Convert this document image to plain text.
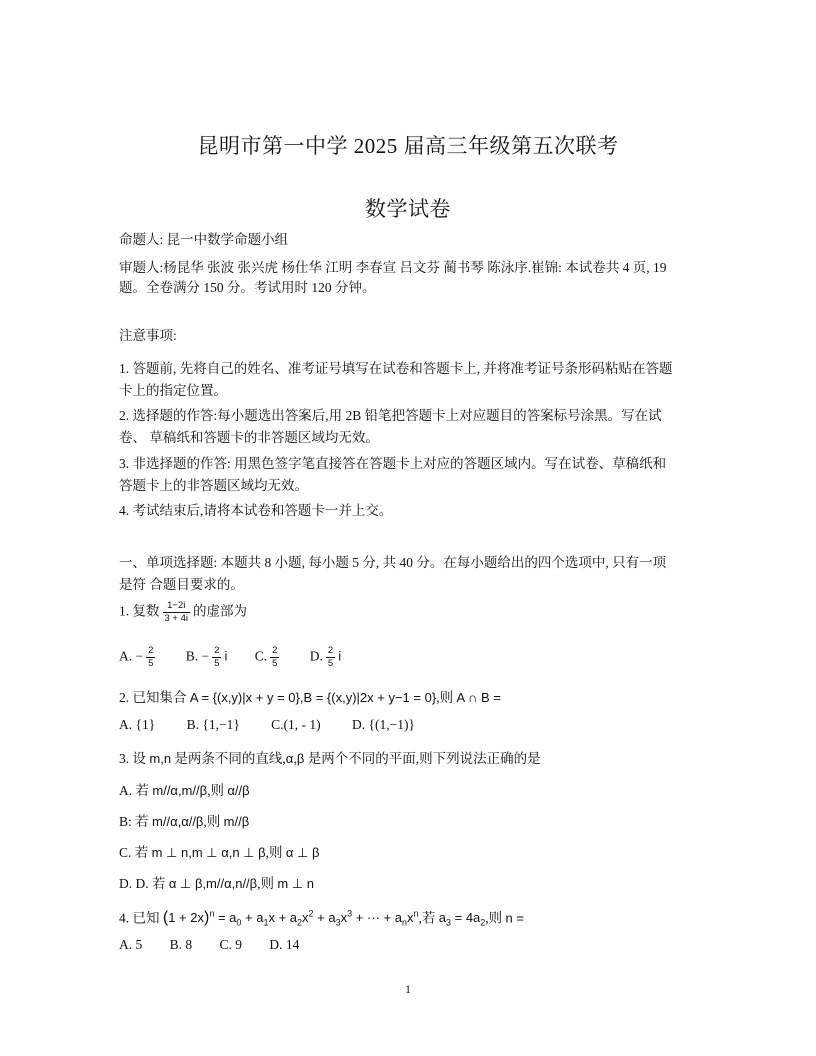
昆明市第一中学 2025 届高三年级第五次联考
数学试卷
命题人: 昆一中数学命题小组
审题人:杨昆华 张波 张兴虎 杨仕华 江明 李春宣 吕文芬 蔺书琴 陈泳序.崔锦: 本试卷共 4 页, 19
题。全卷满分 150 分。考试用时 120 分钟。
注意事项:
1. 答题前, 先将自己的姓名、准考证号填写在试卷和答题卡上, 并将准考证号条形码粘贴在答题
卡上的指定位置。
2. 选择题的作答:每小题选出答案后,用 2B 铅笔把答题卡上对应题目的答案标号涂黑。写在试
卷、 草稿纸和答题卡的非答题区域均无效。
3. 非选择题的作答: 用黑色签字笔直接答在答题卡上对应的答题区域内。写在试卷、草稿纸和
答题卡上的非答题区域均无效。
4. 考试结束后,请将本试卷和答题卡一并上交。
一、单项选择题: 本题共 8 小题, 每小题 5 分, 共 40 分。在每小题给出的四个选项中, 只有一项
是符 合题目要求的。
1. 复数 $\frac{1-2i}{3 + 4i}$ 的虚部为
A. − $\frac{2}{5} B$. − $\frac{2}{5}$ i C. $\frac{2}{5} D$. $\frac{2}{5}$ i
2. 已知集合 A = {(x,y)|x + y = 0},B = {(x,y)|2x + y−1 = 0},则 A ∩ B =
A. {1} B. {1,−1} C.(1, - 1) D. {(1,−1)}
3. 设 m,n 是两条不同的直线,α,β 是两个不同的平面,则下列说法正确的是
A. 若 m//α,m//β,则 α//β
B: 若 m//α,α//β,则 m//β
C. 若 m ⊥ n,m ⊥ α,n ⊥ β,则 α ⊥ β
D. D. 若 α ⊥ β,m//α,n//β,则 m ⊥ n
4. 已知 $(1 + 2x)^n = a_0 + a_1x + a_2x^2 + a_3x^3$ + ··· + $a_nx^n$,若 $a_3 = 4a_2$,则 n =
A. 5 B. 8 C. 9 D. 14
1
